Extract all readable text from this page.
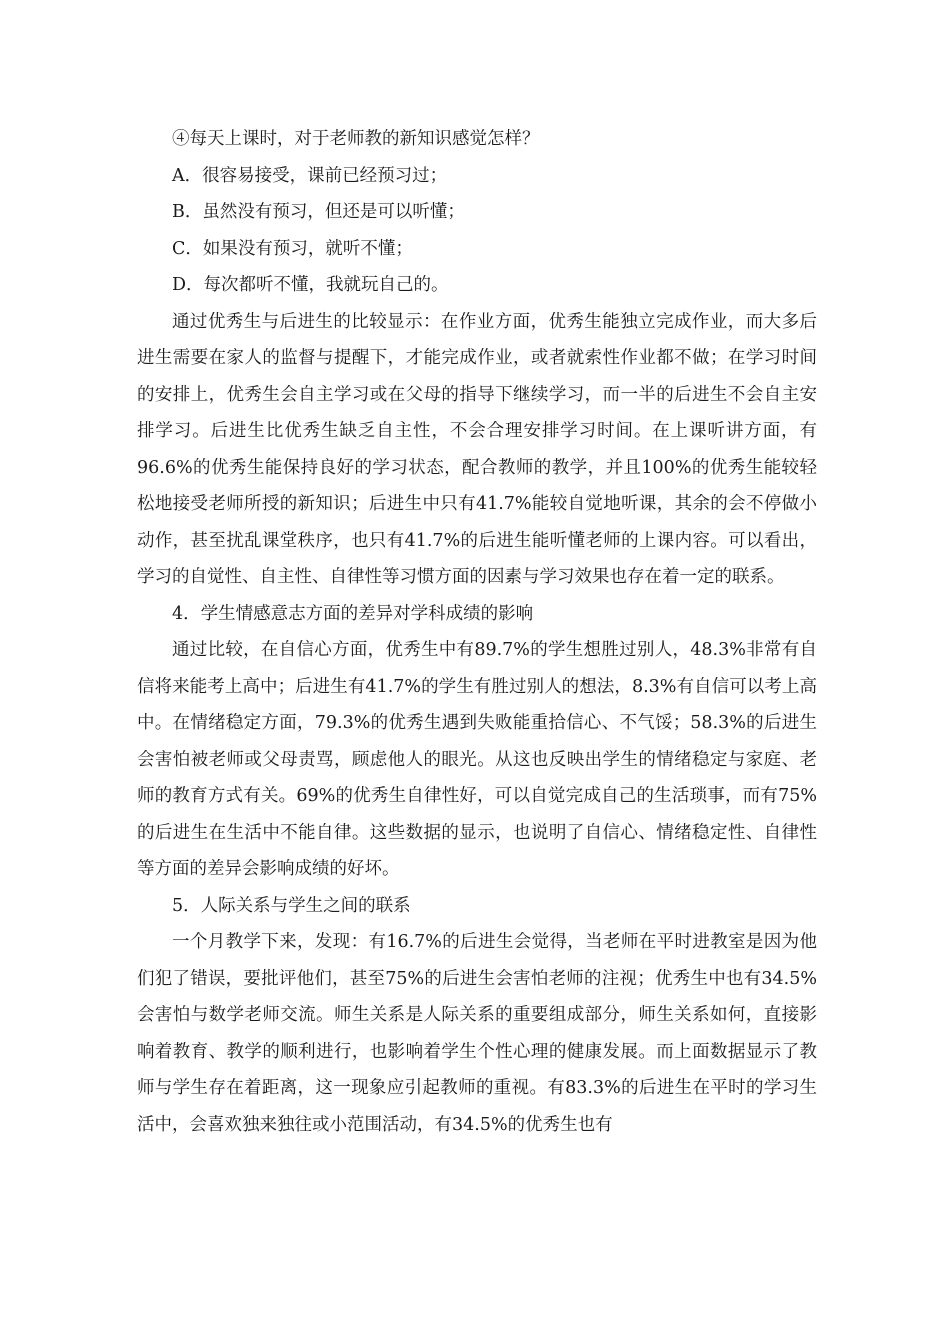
④每天上课时，对于老师教的新知识感觉怎样？

A．很容易接受，课前已经预习过；

B．虽然没有预习，但还是可以听懂；

C．如果没有预习，就听不懂；

D．每次都听不懂，我就玩自己的。

通过优秀生与后进生的比较显示：在作业方面，优秀生能独立完成作业，而大多后进生需要在家人的监督与提醒下，才能完成作业，或者就索性作业都不做；在学习时间的安排上，优秀生会自主学习或在父母的指导下继续学习，而一半的后进生不会自主安排学习。后进生比优秀生缺乏自主性，不会合理安排学习时间。在上课听讲方面，有96.6%的优秀生能保持良好的学习状态，配合教师的教学，并且100%的优秀生能较轻松地接受老师所授的新知识；后进生中只有41.7%能较自觉地听课，其余的会不停做小动作，甚至扰乱课堂秩序，也只有41.7%的后进生能听懂老师的上课内容。可以看出，学习的自觉性、自主性、自律性等习惯方面的因素与学习效果也存在着一定的联系。

4．学生情感意志方面的差异对学科成绩的影响

通过比较，在自信心方面，优秀生中有89.7%的学生想胜过别人，48.3%非常有自信将来能考上高中；后进生有41.7%的学生有胜过别人的想法，8.3%有自信可以考上高中。在情绪稳定方面，79.3%的优秀生遇到失败能重拾信心、不气馁；58.3%的后进生会害怕被老师或父母责骂，顾虑他人的眼光。从这也反映出学生的情绪稳定与家庭、老师的教育方式有关。69%的优秀生自律性好，可以自觉完成自己的生活琐事，而有75%的后进生在生活中不能自律。这些数据的显示，也说明了自信心、情绪稳定性、自律性等方面的差异会影响成绩的好坏。

5．人际关系与学生之间的联系

一个月教学下来，发现：有16.7%的后进生会觉得，当老师在平时进教室是因为他们犯了错误，要批评他们，甚至75%的后进生会害怕老师的注视；优秀生中也有34.5%会害怕与数学老师交流。师生关系是人际关系的重要组成部分，师生关系如何，直接影响着教育、教学的顺利进行，也影响着学生个性心理的健康发展。而上面数据显示了教师与学生存在着距离，这一现象应引起教师的重视。有83.3%的后进生在平时的学习生活中，会喜欢独来独往或小范围活动，有34.5%的优秀生也有
